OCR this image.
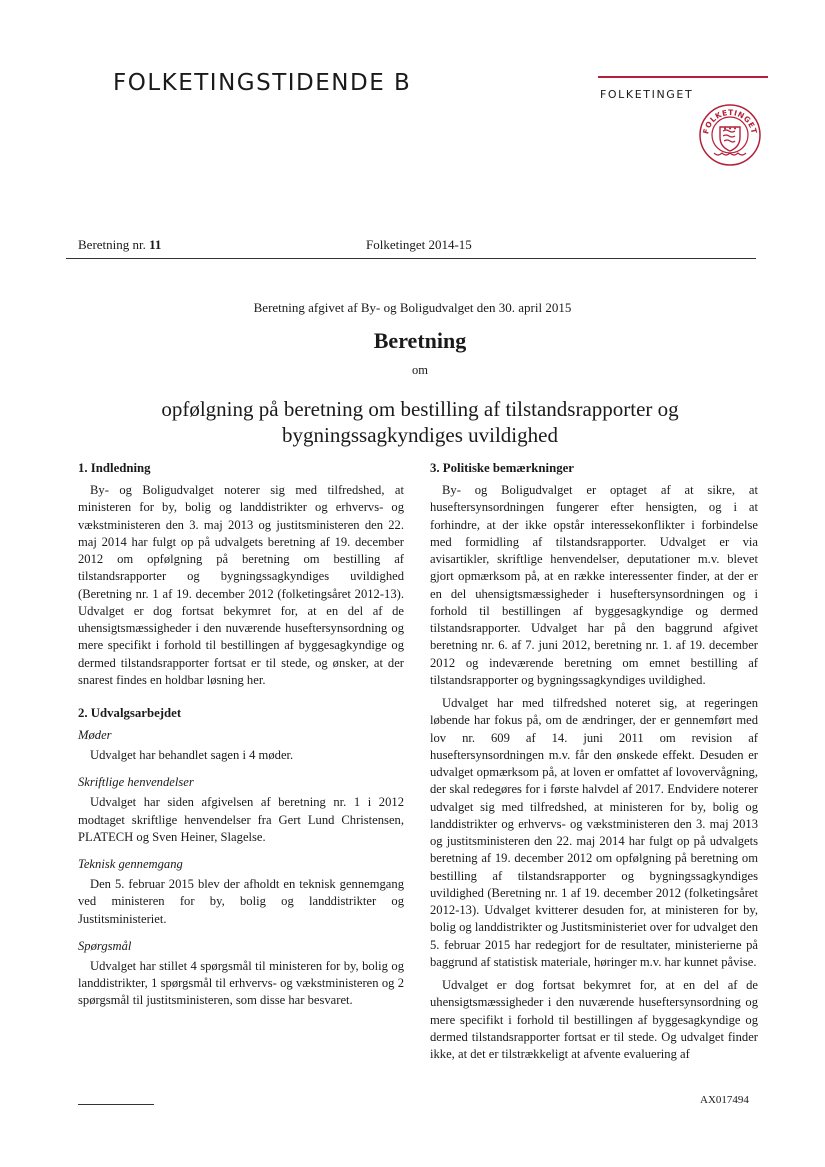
FOLKETINGSTIDENDE B	FOLKETINGET
FOLKETINGET
Beretning nr. 11	Folketinget 2014-15
Beretning afgivet af By- og Boligudvalget den 30. april 2015
Beretning
om
opfølgning på beretning om bestilling af tilstandsrapporter og bygningssagkyndiges uvildighed
1. Indledning

By- og Boligudvalget noterer sig med tilfredshed, at ministeren for by, bolig og landdistrikter og erhvervs- og vækstministeren den 3. maj 2013 og justitsministeren den 22. maj 2014 har fulgt op på udvalgets beretning af 19. december 2012 om opfølgning på beretning om bestilling af tilstandsrapporter og bygningssagkyndiges uvildighed (Beretning nr. 1 af 19. december 2012 (folketingsåret 2012-13). Udvalget er dog fortsat bekymret for, at en del af de uhensigtsmæssigheder i den nuværende huseftersynsordning og mere specifikt i forhold til bestillingen af byggesagkyndige og dermed tilstandsrapporter fortsat er til stede, og ønsker, at der snarest findes en holdbar løsning her.

2. Udvalgsarbejdet
Møder

Udvalget har behandlet sagen i 4 møder.

Skriftlige henvendelser

Udvalget har siden afgivelsen af beretning nr. 1 i 2012 modtaget skriftlige henvendelser fra Gert Lund Christensen, PLATECH og Sven Heiner, Slagelse.

Teknisk gennemgang

Den 5. februar 2015 blev der afholdt en teknisk gennemgang ved ministeren for by, bolig og landdistrikter og Justitsministeriet.

Spørgsmål

Udvalget har stillet 4 spørgsmål til ministeren for by, bolig og landdistrikter, 1 spørgsmål til erhvervs- og vækstministeren og 2 spørgsmål til justitsministeren, som disse har besvaret.

3. Politiske bemærkninger

By- og Boligudvalget er optaget af at sikre, at huseftersynsordningen fungerer efter hensigten, og i at forhindre, at der ikke opstår interessekonflikter i forbindelse med formidling af tilstandsrapporter. Udvalget er via avisartikler, skriftlige henvendelser, deputationer m.v. blevet gjort opmærksom på, at en række interessenter finder, at der er en del uhensigtsmæssigheder i huseftersynsordningen og i forhold til bestillingen af byggesagkyndige og dermed tilstandsrapporter. Udvalget har på den baggrund afgivet beretning nr. 6. af 7. juni 2012, beretning nr. 1. af 19. december 2012 og indeværende beretning om emnet bestilling af tilstandsrapporter og bygningssagkyndiges uvildighed.

Udvalget har med tilfredshed noteret sig, at regeringen løbende har fokus på, om de ændringer, der er gennemført med lov nr. 609 af 14. juni 2011 om revision af huseftersynsordningen m.v. får den ønskede effekt. Desuden er udvalget opmærksom på, at loven er omfattet af lovovervågning, der skal redegøres for i første halvdel af 2017. Endvidere noterer udvalget sig med tilfredshed, at ministeren for by, bolig og landdistrikter og erhvervs- og vækstministeren den 3. maj 2013 og justitsministeren den 22. maj 2014 har fulgt op på udvalgets beretning af 19. december 2012 om opfølgning på beretning om bestilling af tilstandsrapporter og bygningssagkyndiges uvildighed (Beretning nr. 1 af 19. december 2012 (folketingsåret 2012-13). Udvalget kvitterer desuden for, at ministeren for by, bolig og landdistrikter og Justitsministeriet over for udvalget den 5. februar 2015 har redegjort for de resultater, ministerierne på baggrund af statistisk materiale, høringer m.v. har kunnet påvise.

Udvalget er dog fortsat bekymret for, at en del af de uhensigtsmæssigheder i den nuværende huseftersynsordning og mere specifikt i forhold til bestillingen af byggesagkyndige og dermed tilstandsrapporter fortsat er til stede. Og udvalget finder ikke, at det er tilstrækkeligt at afvente evaluering af

AX017494
